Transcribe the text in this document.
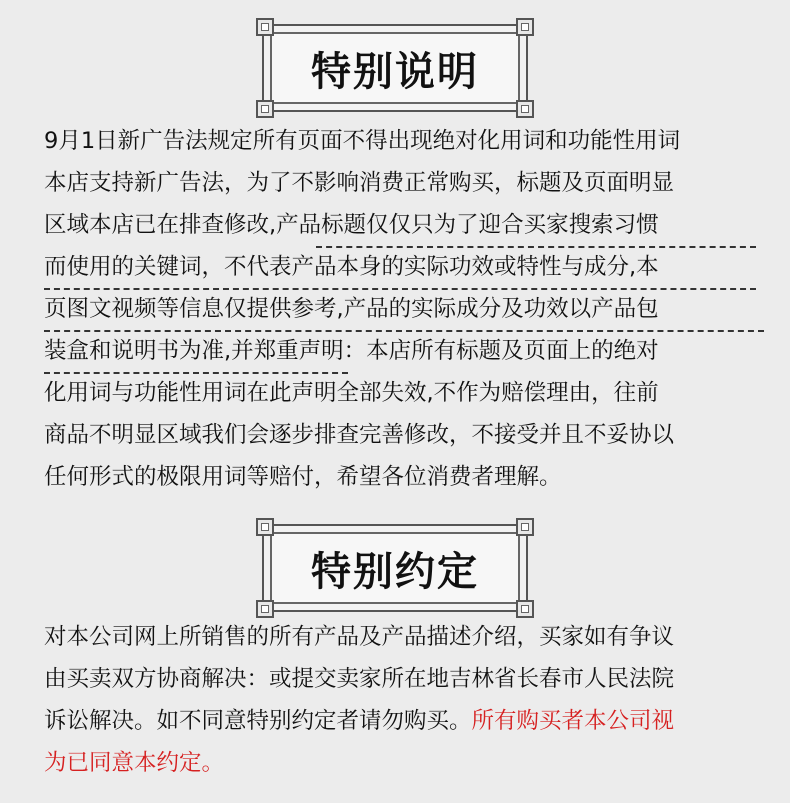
特别说明
9月1日新广告法规定所有页面不得出现绝对化用词和功能性用词
本店支持新广告法，为了不影响消费正常购买，标题及页面明显
区域本店已在排查修改,产品标题仅仅只为了迎合买家搜索习惯
而使用的关键词，不代表产品本身的实际功效或特性与成分,本
页图文视频等信息仅提供参考,产品的实际成分及功效以产品包
装盒和说明书为准,并郑重声明：本店所有标题及页面上的绝对
化用词与功能性用词在此声明全部失效,不作为赔偿理由，往前
商品不明显区域我们会逐步排查完善修改，不接受并且不妥协以
任何形式的极限用词等赔付，希望各位消费者理解。
特别约定
对本公司网上所销售的所有产品及产品描述介绍，买家如有争议
由买卖双方协商解决：或提交卖家所在地吉林省长春市人民法院
诉讼解决。如不同意特别约定者请勿购买。所有购买者本公司视
为已同意本约定。
